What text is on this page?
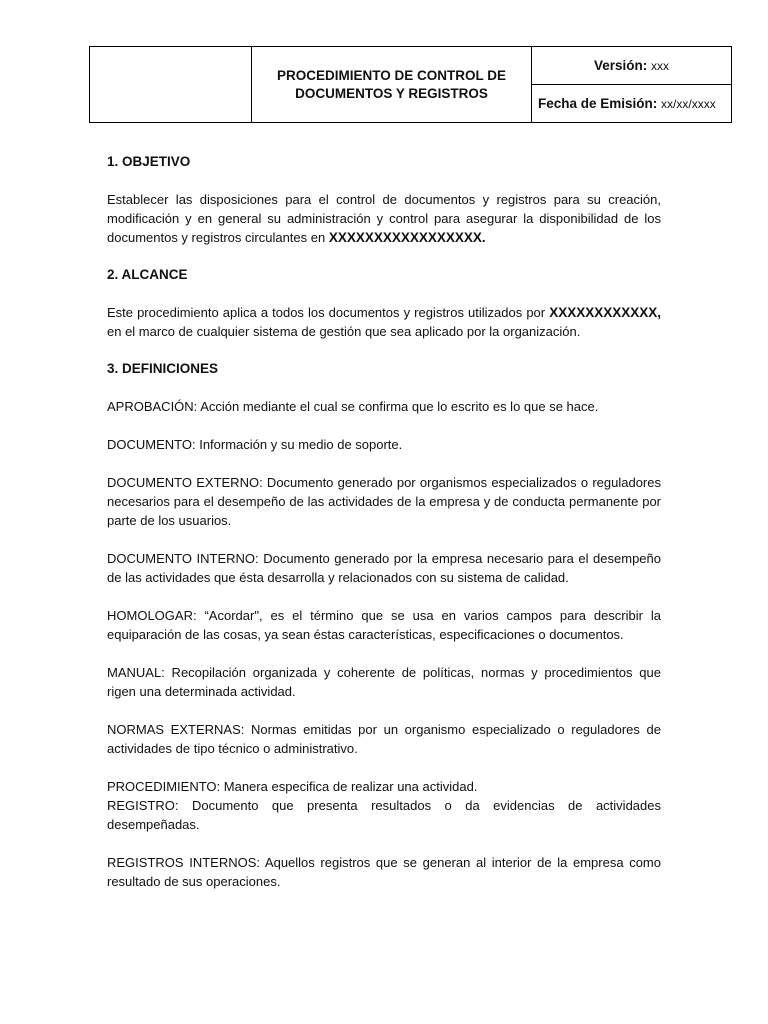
PROCEDIMIENTO DE CONTROL DE
DOCUMENTOS Y REGISTROS
	Versión: xxx
Fecha de Emisión: xx/xx/xxxx
1. OBJETIVO

Establecer las disposiciones para el control de documentos y registros para su creación, modificación y en general su administración y control para asegurar la disponibilidad de los documentos y registros circulantes en XXXXXXXXXXXXXXXXX.

2. ALCANCE

Este procedimiento aplica a todos los documentos y registros utilizados por XXXXXXXXXXXX, en el marco de cualquier sistema de gestión que sea aplicado por la organización.

3. DEFINICIONES

APROBACIÓN: Acción mediante el cual se confirma que lo escrito es lo que se hace.

DOCUMENTO: Información y su medio de soporte.

DOCUMENTO EXTERNO: Documento generado por organismos especializados o reguladores necesarios para el desempeño de las actividades de la empresa y de conducta permanente por parte de los usuarios.

DOCUMENTO INTERNO: Documento generado por la empresa necesario para el desempeño de las actividades que ésta desarrolla y relacionados con su sistema de calidad.

HOMOLOGAR: “Acordar", es el término que se usa en varios campos para describir la equiparación de las cosas, ya sean éstas características, especificaciones o documentos.

MANUAL: Recopilación organizada y coherente de políticas, normas y procedimientos que rigen una determinada actividad.

NORMAS EXTERNAS: Normas emitidas por un organismo especializado o reguladores de actividades de tipo técnico o administrativo.

PROCEDIMIENTO: Manera especifica de realizar una actividad.

REGISTRO: Documento que presenta resultados o da evidencias de actividades desempeñadas.

REGISTROS INTERNOS: Aquellos registros que se generan al interior de la empresa como resultado de sus operaciones.
